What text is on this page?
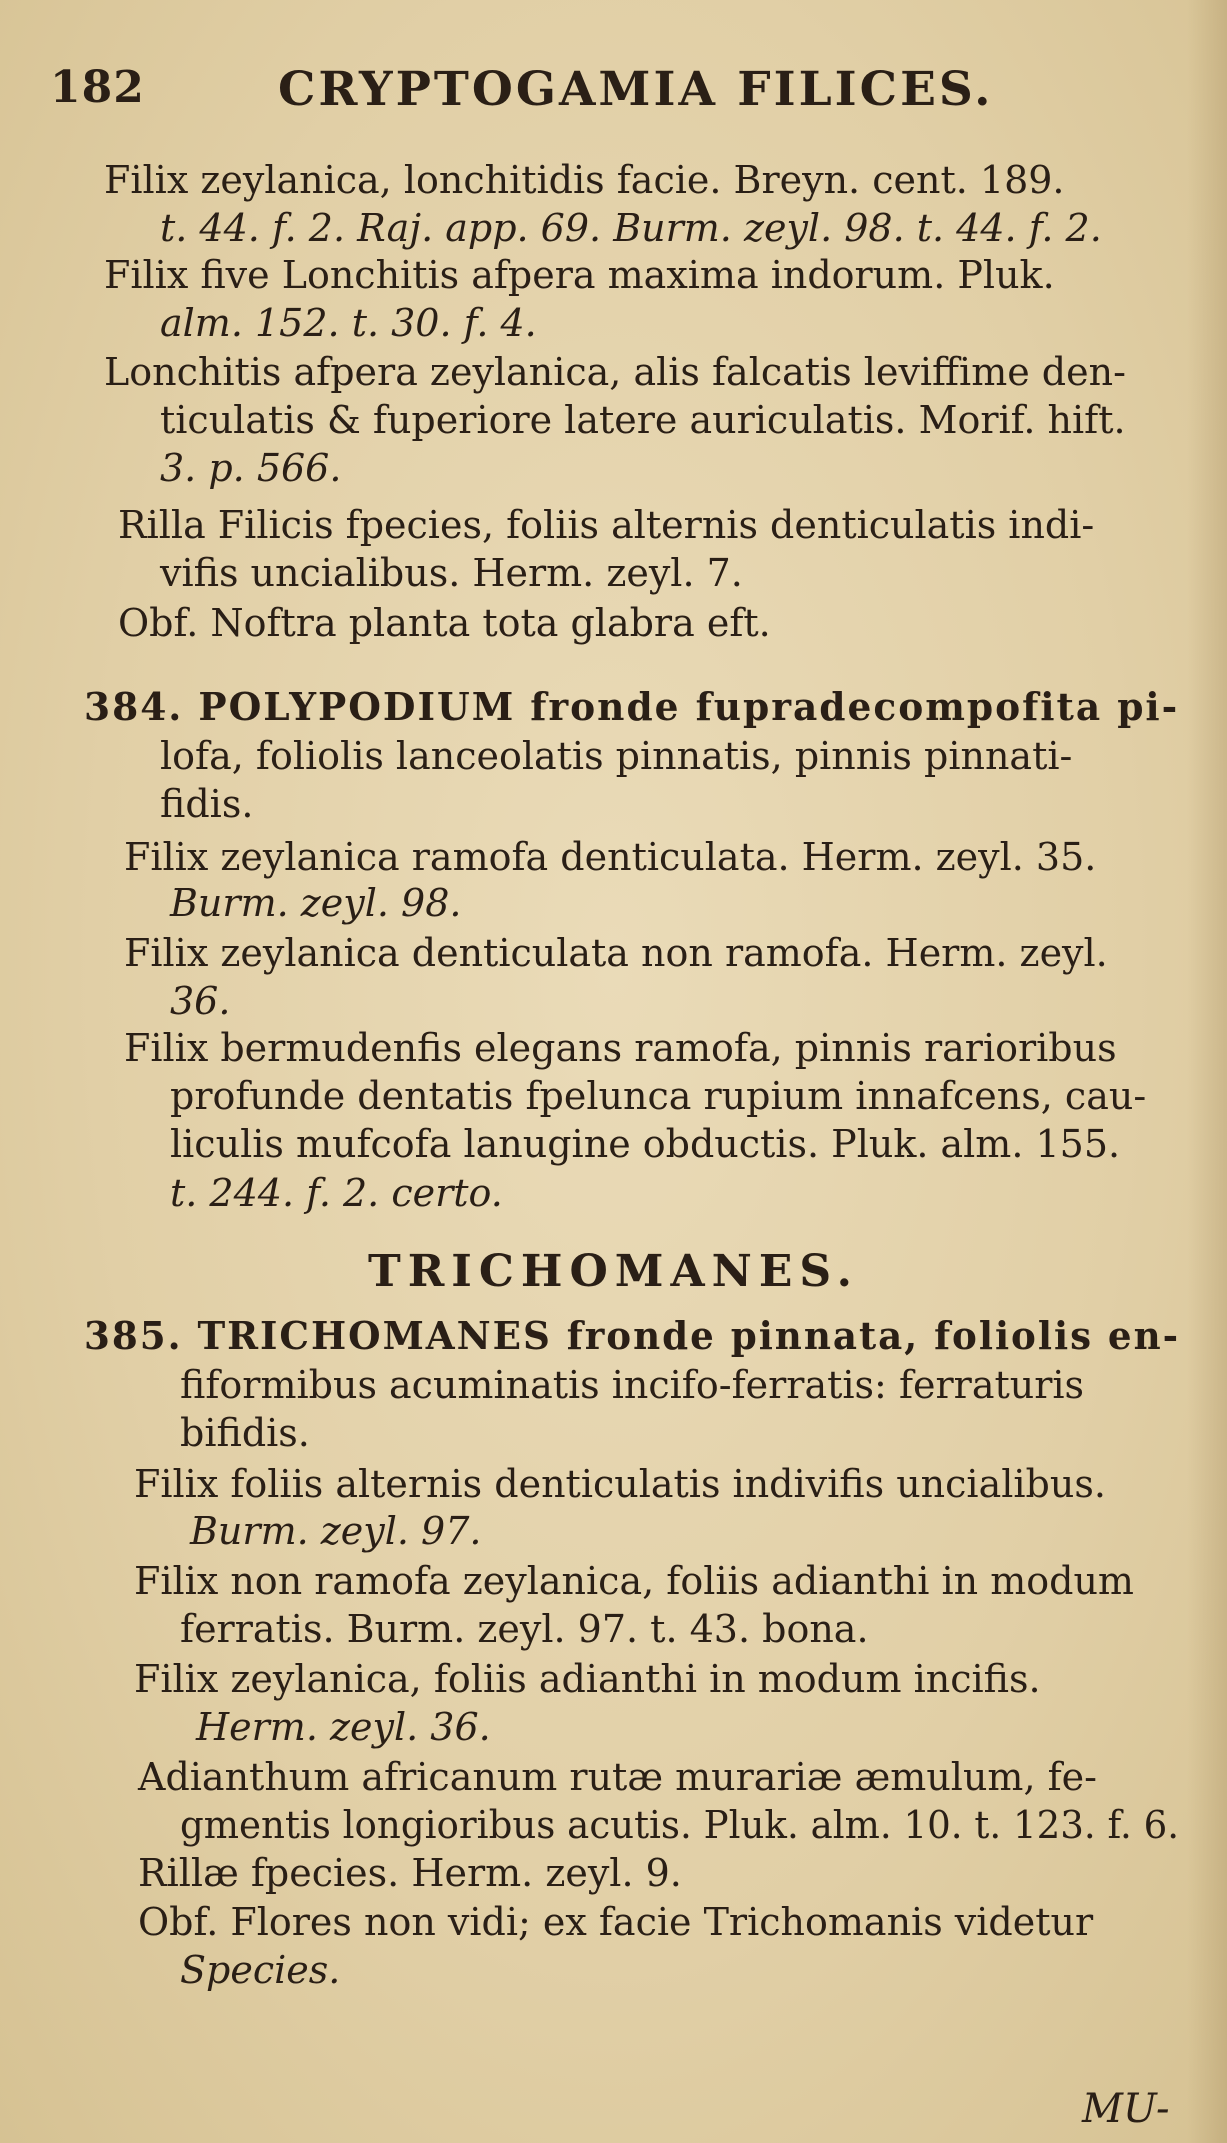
182	CRYPTOGAMIA FILICES.
Filix zeylanica, lonchitidis facie. Breyn. cent. 189.
t. 44. f. 2. Raj. app. 69. Burm. zeyl. 98. t. 44. f. 2.
Filix five Lonchitis afpera maxima indorum. Pluk.
alm. 152. t. 30. f. 4.
Lonchitis afpera zeylanica, alis falcatis leviffime den-
ticulatis & fuperiore latere auriculatis. Morif. hift.
3. p. 566.
Rilla Filicis fpecies, foliis alternis denticulatis indi-
vifis uncialibus. Herm. zeyl. 7.
Obf. Noftra planta tota glabra eft.
384. POLYPODIUM fronde fupradecompofita pi-
lofa, foliolis lanceolatis pinnatis, pinnis pinnati-
fidis.
Filix zeylanica ramofa denticulata. Herm. zeyl. 35.
Burm. zeyl. 98.
Filix zeylanica denticulata non ramofa. Herm. zeyl.
36.
Filix bermudenfis elegans ramofa, pinnis rarioribus
profunde dentatis fpelunca rupium innafcens, cau-
liculis mufcofa lanugine obductis. Pluk. alm. 155.
t. 244. f. 2. certo.
TRICHOMANES.
385. TRICHOMANES fronde pinnata, foliolis en-
fiformibus acuminatis incifo-ferratis: ferraturis
bifidis.
Filix foliis alternis denticulatis indivifis uncialibus.
Burm. zeyl. 97.
Filix non ramofa zeylanica, foliis adianthi in modum
ferratis. Burm. zeyl. 97. t. 43. bona.
Filix zeylanica, foliis adianthi in modum incifis.
Herm. zeyl. 36.
Adianthum africanum rutæ murariæ æmulum, fe-
gmentis longioribus acutis. Pluk. alm. 10. t. 123. f. 6.
Rillæ fpecies. Herm. zeyl. 9.
Obf. Flores non vidi; ex facie Trichomanis videtur
Species.
MU-
